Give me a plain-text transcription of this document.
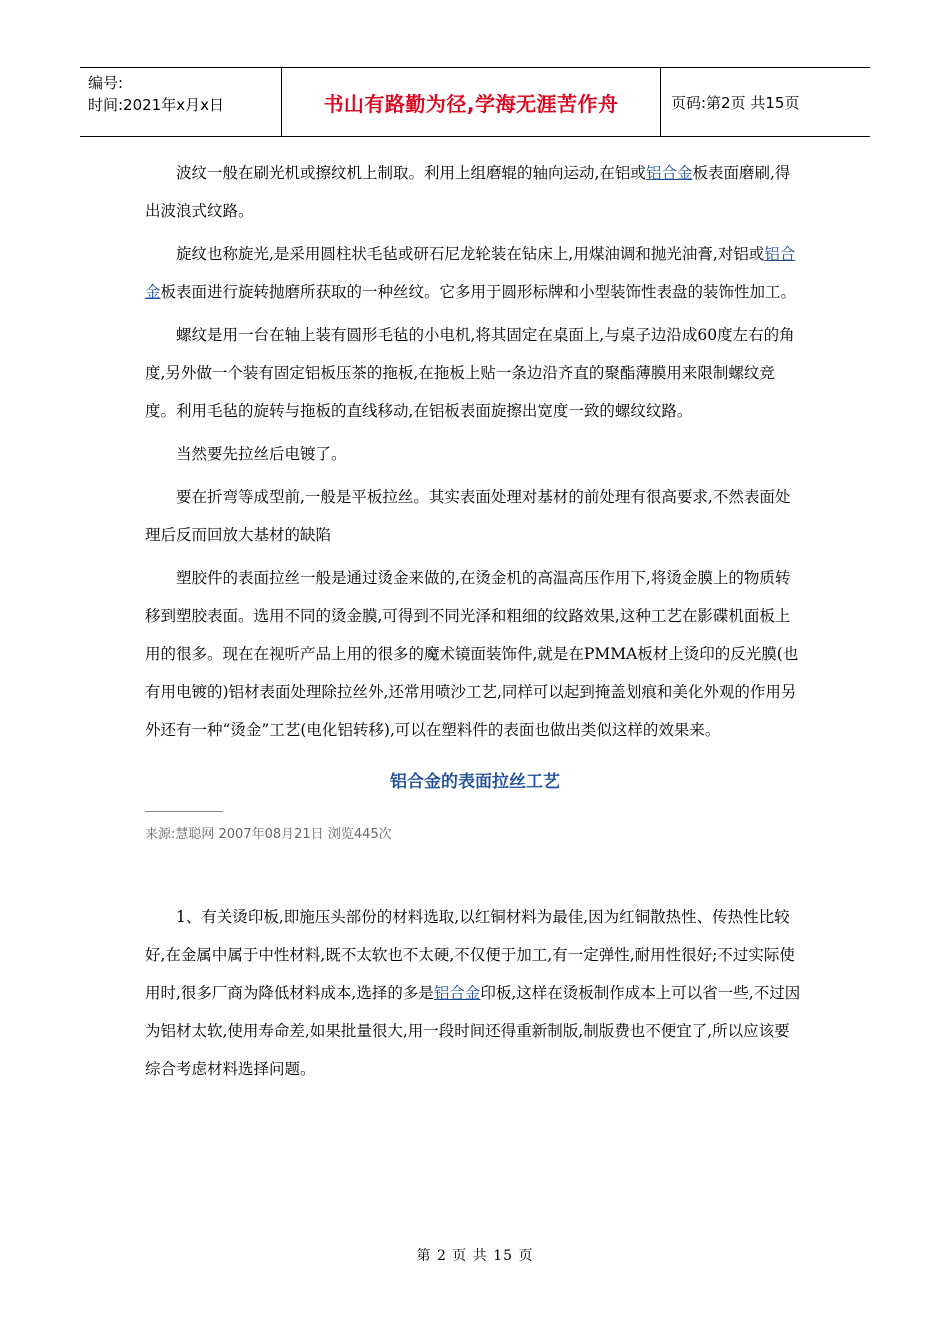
编号:
时间:2021年x月x日	书山有路勤为径,学海无涯苦作舟	页码:第2页 共15页

波纹一般在刷光机或擦纹机上制取。利用上组磨辊的轴向运动,在铝或铝合金板表面磨刷,得出波浪式纹路。

旋纹也称旋光,是采用圆柱状毛毡或研石尼龙轮装在钻床上,用煤油调和抛光油膏,对铝或铝合金板表面进行旋转抛磨所获取的一种丝纹。它多用于圆形标牌和小型装饰性表盘的装饰性加工。

螺纹是用一台在轴上装有圆形毛毡的小电机,将其固定在桌面上,与桌子边沿成60度左右的角度,另外做一个装有固定铝板压茶的拖板,在拖板上贴一条边沿齐直的聚酯薄膜用来限制螺纹竞度。利用毛毡的旋转与拖板的直线移动,在铝板表面旋擦出宽度一致的螺纹纹路。

当然要先拉丝后电镀了。

要在折弯等成型前,一般是平板拉丝。其实表面处理对基材的前处理有很高要求,不然表面处理后反而回放大基材的缺陷

塑胶件的表面拉丝一般是通过烫金来做的,在烫金机的高温高压作用下,将烫金膜上的物质转移到塑胶表面。选用不同的烫金膜,可得到不同光泽和粗细的纹路效果,这种工艺在影碟机面板上用的很多。现在在视听产品上用的很多的魔术镜面装饰件,就是在PMMA板材上烫印的反光膜(也有用电镀的)铝材表面处理除拉丝外,还常用喷沙工艺,同样可以起到掩盖划痕和美化外观的作用另外还有一种“烫金”工艺(电化铝转移),可以在塑料件的表面也做出类似这样的效果来。

铝合金的表面拉丝工艺
来源:慧聪网 2007年08月21日 浏览445次

1、有关烫印板,即施压头部份的材料选取,以红铜材料为最佳,因为红铜散热性、传热性比较好,在金属中属于中性材料,既不太软也不太硬,不仅便于加工,有一定弹性,耐用性很好;不过实际使用时,很多厂商为降低材料成本,选择的多是铝合金印板,这样在烫板制作成本上可以省一些,不过因为铝材太软,使用寿命差,如果批量很大,用一段时间还得重新制版,制版费也不便宜了,所以应该要综合考虑材料选择问题。

第 2 页 共 15 页
